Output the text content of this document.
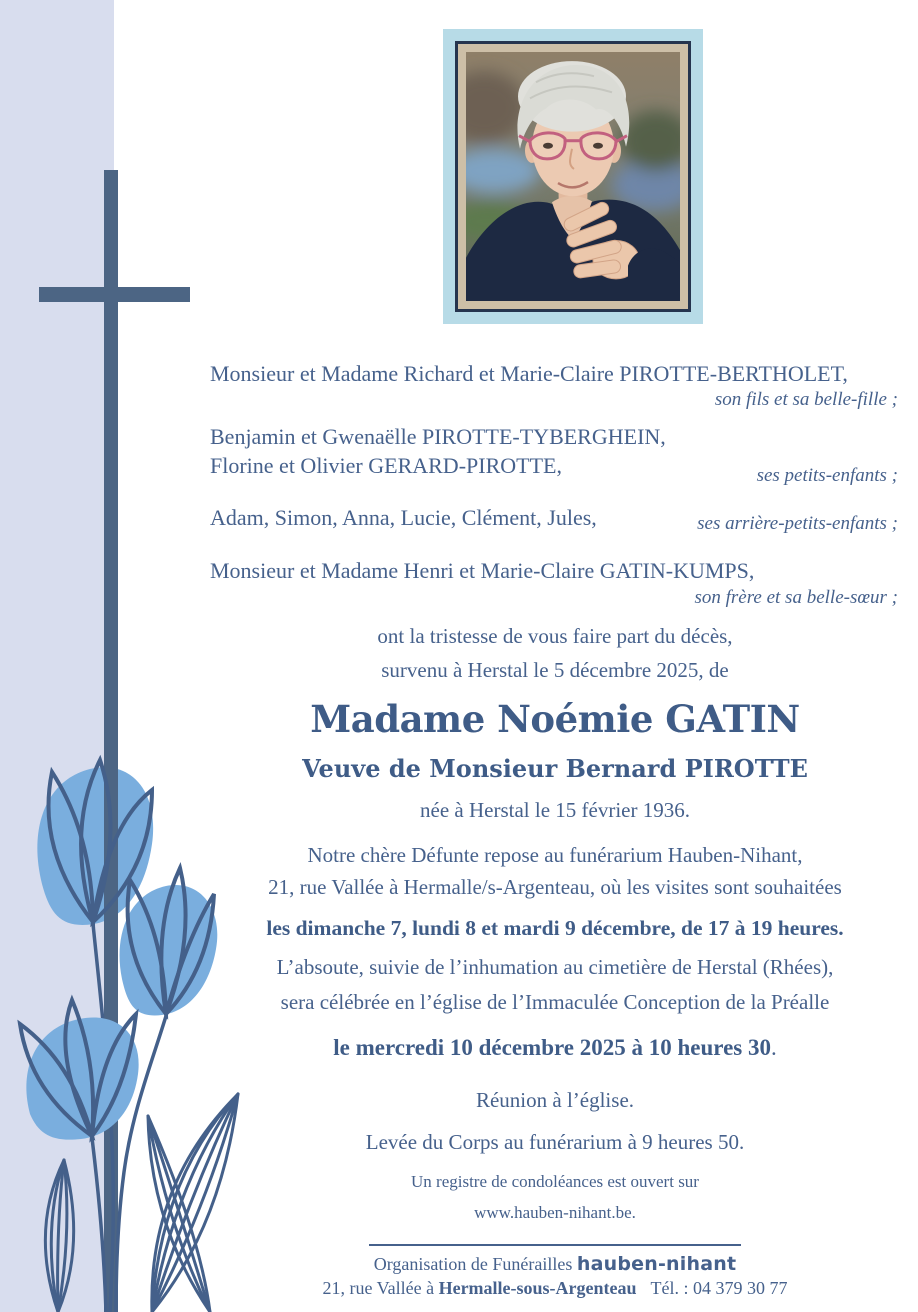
Monsieur et Madame Richard et Marie-Claire PIROTTE-BERTHOLET,
son fils et sa belle-fille ;
Benjamin et Gwenaëlle PIROTTE-TYBERGHEIN,
Florine et Olivier GERARD-PIROTTE,	ses petits-enfants ;
Adam, Simon, Anna, Lucie, Clément, Jules,	ses arrière-petits-enfants ;
Monsieur et Madame Henri et Marie-Claire GATIN-KUMPS,
son frère et sa belle-sœur ;
ont la tristesse de vous faire part du décès,
survenu à Herstal le 5 décembre 2025, de
Madame Noémie GATIN
Veuve de Monsieur Bernard PIROTTE
née à Herstal le 15 février 1936.
Notre chère Défunte repose au funérarium Hauben-Nihant,
21, rue Vallée à Hermalle/s-Argenteau, où les visites sont souhaitées
les dimanche 7, lundi 8 et mardi 9 décembre, de 17 à 19 heures.
L’absoute, suivie de l’inhumation au cimetière de Herstal (Rhées),
sera célébrée en l’église de l’Immaculée Conception de la Préalle
le mercredi 10 décembre 2025 à 10 heures 30.
Réunion à l’église.
Levée du Corps au funérarium à 9 heures 50.
Un registre de condoléances est ouvert sur
www.hauben-nihant.be.
Organisation de Funérailles hauben-nihant
21, rue Vallée à Hermalle-sous-Argenteau Tél. : 04 379 30 77
